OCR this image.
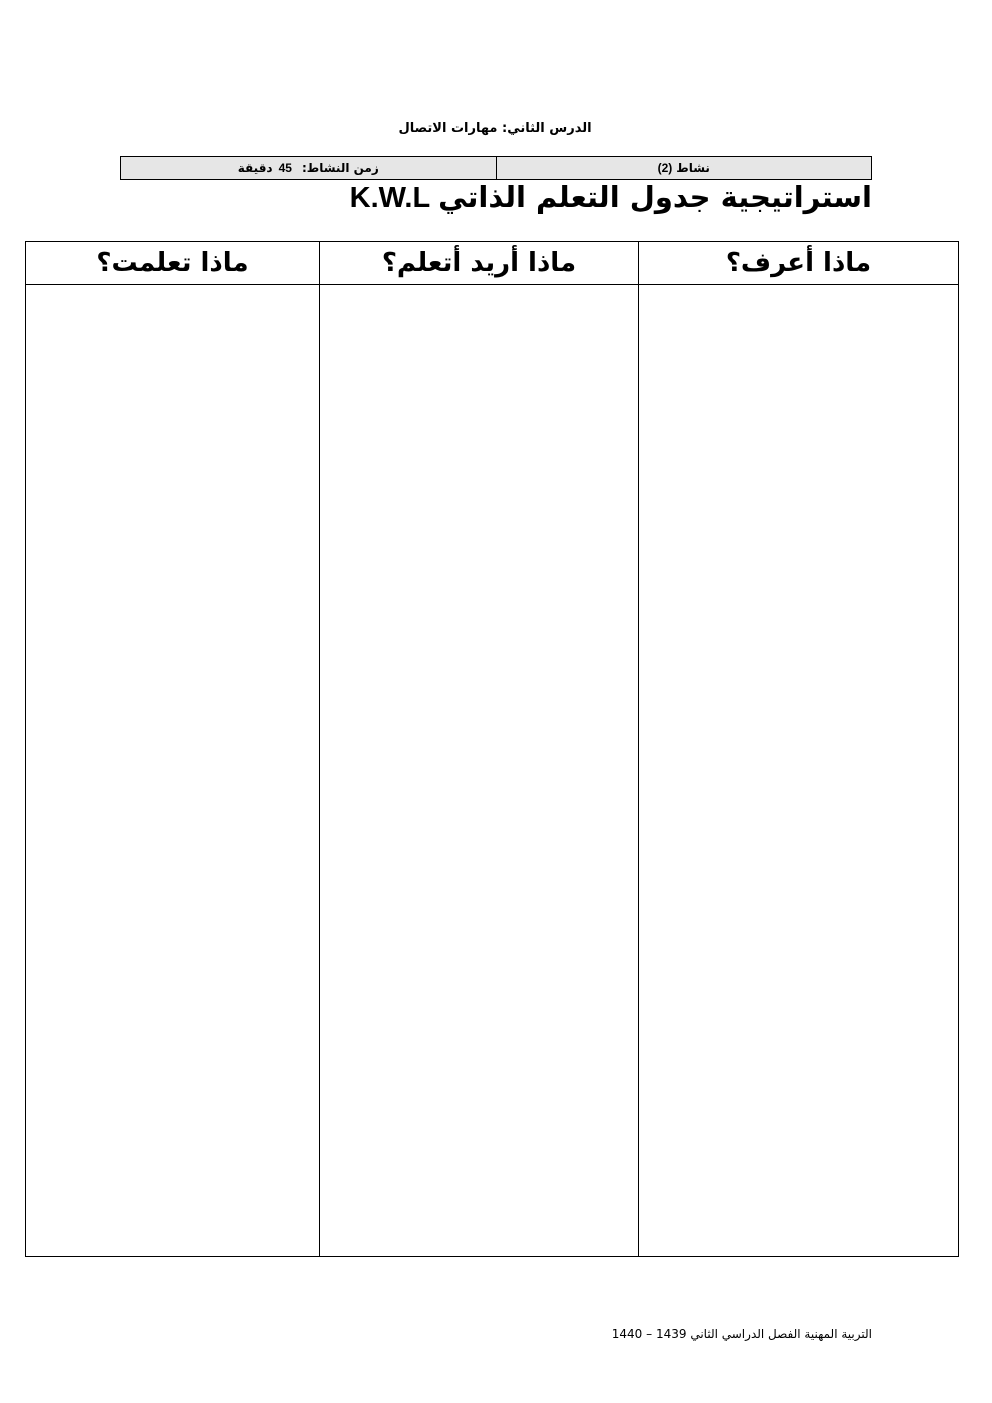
الدرس الثاني: مهارات الاتصال
نشاط
(2)
زمن النشاط:
45
دقيقة
استراتيجية جدول التعلم الذاتيK.W.L
ماذا أعرف؟
ماذا أريد أتعلم؟
ماذا تعلمت؟
التربية المهنية الفصل الدراسي الثاني 1439 – 1440
